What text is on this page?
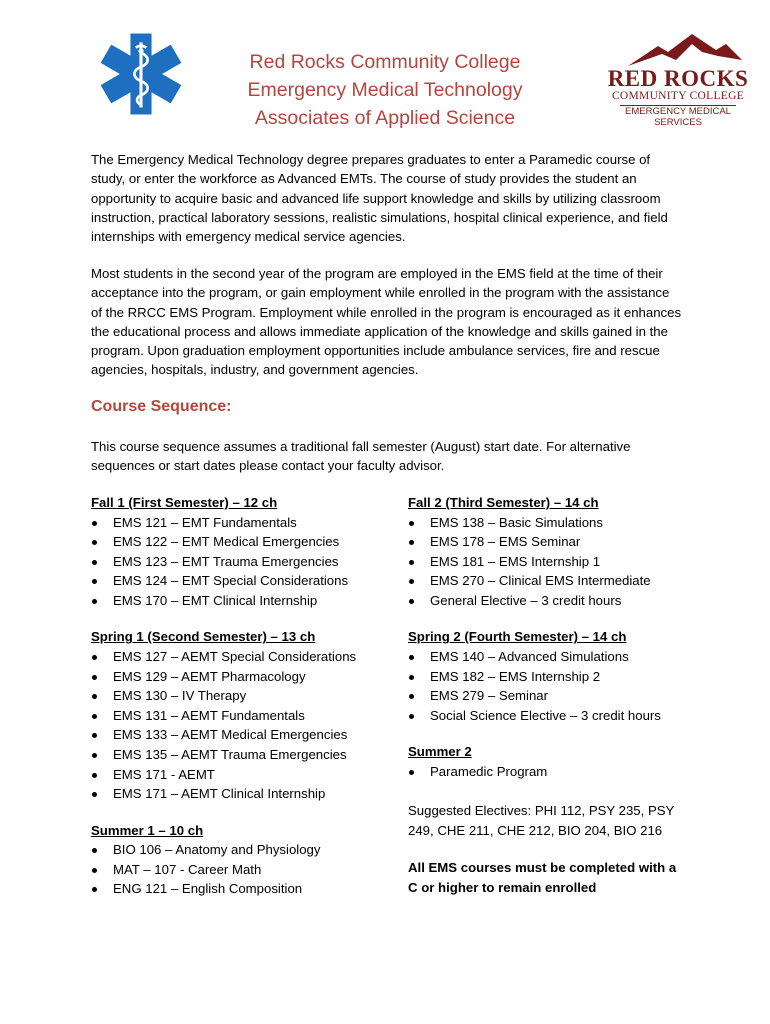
Red Rocks Community College
Emergency Medical Technology
Associates of Applied Science
RED ROCKS
COMMUNITY COLLEGE
EMERGENCY MEDICAL
SERVICES

The Emergency Medical Technology degree prepares graduates to enter a Paramedic course of study, or enter the workforce as Advanced EMTs. The course of study provides the student an opportunity to acquire basic and advanced life support knowledge and skills by utilizing classroom instruction, practical laboratory sessions, realistic simulations, hospital clinical experience, and field internships with emergency medical service agencies.

Most students in the second year of the program are employed in the EMS field at the time of their acceptance into the program, or gain employment while enrolled in the program with the assistance of the RRCC EMS Program. Employment while enrolled in the program is encouraged as it enhances the educational process and allows immediate application of the knowledge and skills gained in the program. Upon graduation employment opportunities include ambulance services, fire and rescue agencies, hospitals, industry, and government agencies.

Course Sequence:

This course sequence assumes a traditional fall semester (August) start date. For alternative sequences or start dates please contact your faculty advisor.

Fall 1 (First Semester) – 12 ch
EMS 121 – EMT Fundamentals
EMS 122 – EMT Medical Emergencies
EMS 123 – EMT Trauma Emergencies
EMS 124 – EMT Special Considerations
EMS 170 – EMT Clinical Internship
Spring 1 (Second Semester) – 13 ch
EMS 127 – AEMT Special Considerations
EMS 129 – AEMT Pharmacology
EMS 130 – IV Therapy
EMS 131 – AEMT Fundamentals
EMS 133 – AEMT Medical Emergencies
EMS 135 – AEMT Trauma Emergencies
EMS 171 - AEMT
EMS 171 – AEMT Clinical Internship
Summer 1 – 10 ch
BIO 106 – Anatomy and Physiology
MAT – 107 - Career Math
ENG 121 – English Composition
Fall 2 (Third Semester) – 14 ch
EMS 138 – Basic Simulations
EMS 178 – EMS Seminar
EMS 181 – EMS Internship 1
EMS 270 – Clinical EMS Intermediate
General Elective – 3 credit hours
Spring 2 (Fourth Semester) – 14 ch
EMS 140 – Advanced Simulations
EMS 182 – EMS Internship 2
EMS 279 – Seminar
Social Science Elective – 3 credit hours
Summer 2
Paramedic Program
Suggested Electives: PHI 112, PSY 235, PSY
249, CHE 211, CHE 212, BIO 204, BIO 216
All EMS courses must be completed with a
C or higher to remain enrolled
